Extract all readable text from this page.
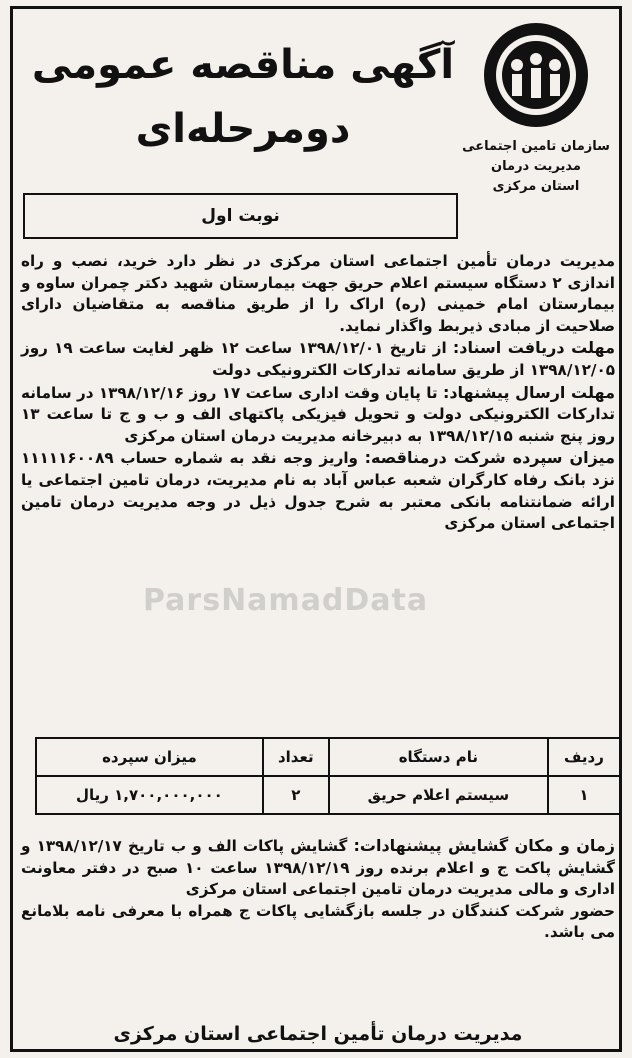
سازمان تامین اجتماعی
مدیریت درمان
استان مرکزی
آگهی مناقصه عمومی
دومرحله‌ای
نوبت اول

مدیریت درمان تأمین اجتماعی استان مرکزی در نظر دارد خرید، نصب و راه اندازی ۲ دستگاه سیستم اعلام حریق جهت بیمارستان شهید دکتر چمران ساوه و بیمارستان امام خمینی (ره) اراک را از طریق مناقصه به متقاضیان دارای صلاحیت از مبادی ذیربط واگذار نماید.

مهلت دریافت اسناد: از تاریخ ۱۳۹۸/۱۲/۰۱ ساعت ۱۲ ظهر لغایت ساعت ۱۹ روز ۱۳۹۸/۱۲/۰۵ از طریق سامانه تدارکات الکترونیکی دولت

مهلت ارسال پیشنهاد: تا پایان وقت اداری ساعت ۱۷ روز ۱۳۹۸/۱۲/۱۶ در سامانه تدارکات الکترونیکی دولت و تحویل فیزیکی پاکتهای الف و ب و ج تا ساعت ۱۳ روز پنج شنبه ۱۳۹۸/۱۲/۱۵ به دبیرخانه مدیریت درمان استان مرکزی

میزان سپرده شرکت درمناقصه: واریز وجه نقد به شماره حساب ۱۱۱۱۱۶۰۰۸۹ نزد بانک رفاه کارگران شعبه عباس آباد به نام مدیریت، درمان تامین اجتماعی یا ارائه ضمانتنامه بانکی معتبر به شرح جدول ذیل در وجه مدیریت درمان تامین اجتماعی استان مرکزی

ParsNamadData
ردیف	نام دستگاه	تعداد	میزان سپرده
۱	سیستم اعلام حریق	۲	۱,۷۰۰,۰۰۰,۰۰۰ ریال

زمان و مکان گشایش پیشنهادات: گشایش پاکات الف و ب تاریخ ۱۳۹۸/۱۲/۱۷ و گشایش پاکت ج و اعلام برنده روز ۱۳۹۸/۱۲/۱۹ ساعت ۱۰ صبح در دفتر معاونت اداری و مالی مدیریت درمان تامین اجتماعی استان مرکزی

حضور شرکت کنندگان در جلسه بازگشایی پاکات ج همراه با معرفی نامه بلامانع می باشد.

مدیریت درمان تأمین اجتماعی استان مرکزی
